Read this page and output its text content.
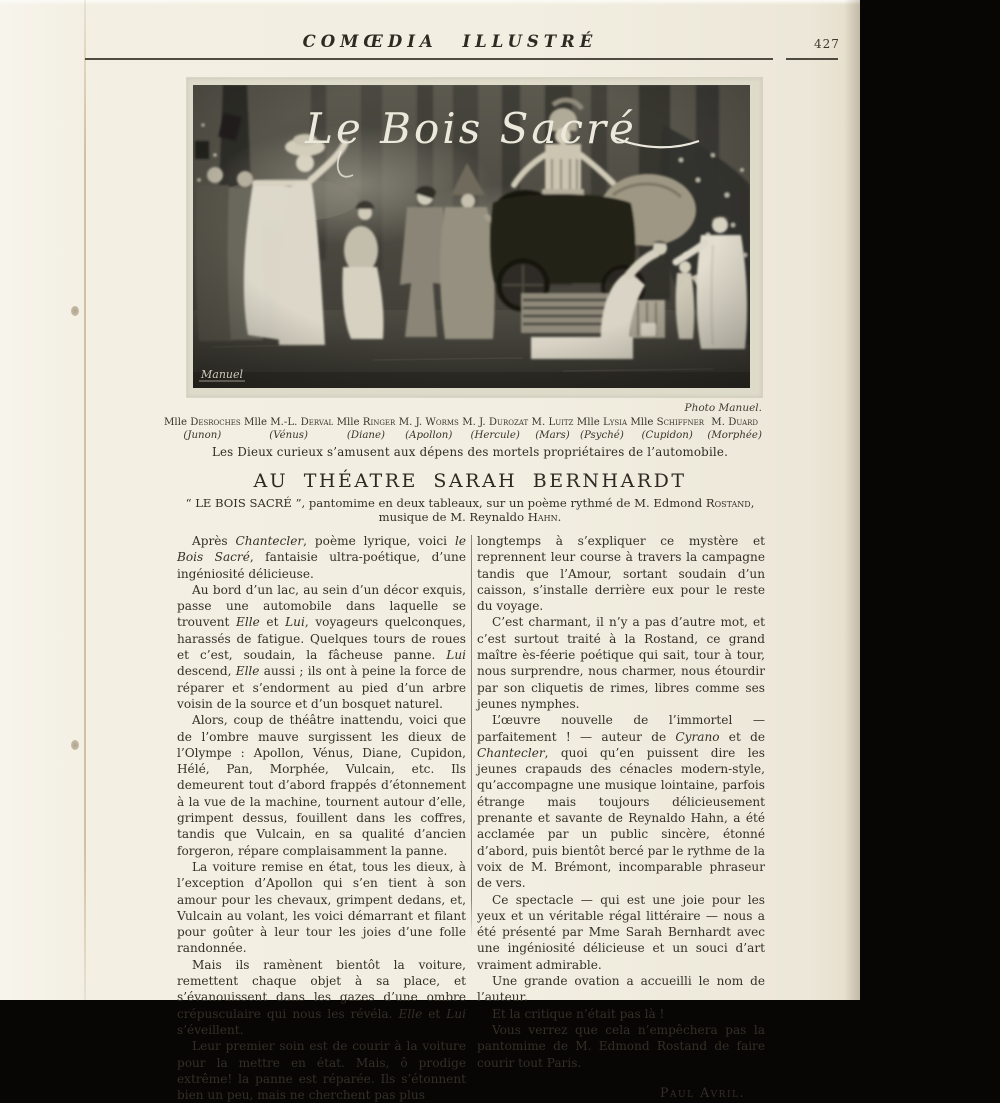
COMŒDIA ILLUSTRÉ	427
Le Bois Sacré
Manuel
Photo Manuel.
Mlle Desroches
(Junon)
Mlle M.-L. Derval
(Vénus)
Mlle Ringer
(Diane)
M. J. Worms
(Apollon)
M. J. Durozat
(Hercule)
M. Luitz
(Mars)
Mlle Lysia
(Psyché)
Mlle Schiffner
(Cupidon)
M. Duard
(Morphée)
Les Dieux curieux s’amusent aux dépens des mortels propriétaires de l’automobile.
AU THÉATRE SARAH BERNHARDT
“ LE BOIS SACRÉ ”, pantomime en deux tableaux, sur un poème rythmé de M. Edmond Rostand,
musique de M. Reynaldo Hahn.

Après Chantecler, poème lyrique, voici le Bois Sacré, fantaisie ultra-poétique, d’une ingéniosité délicieuse.

Au bord d’un lac, au sein d’un décor exquis, passe une automobile dans laquelle se trouvent Elle et Lui, voyageurs quelconques, harassés de fatigue. Quelques tours de roues et c’est, soudain, la fâcheuse panne. Lui descend, Elle aussi ; ils ont à peine la force de réparer et s’endorment au pied d’un arbre voisin de la source et d’un bosquet naturel.

Alors, coup de théâtre inattendu, voici que de l’ombre mauve surgissent les dieux de l’Olympe : Apollon, Vénus, Diane, Cupidon, Hélé, Pan, Morphée, Vulcain, etc. Ils demeurent tout d’abord frappés d’étonnement à la vue de la machine, tournent autour d’elle, grimpent dessus, fouillent dans les coffres, tandis que Vulcain, en sa qualité d’ancien forgeron, répare complaisamment la panne.

La voiture remise en état, tous les dieux, à l’exception d’Apollon qui s’en tient à son amour pour les chevaux, grimpent dedans, et, Vulcain au volant, les voici démarrant et filant pour goûter à leur tour les joies d’une folle randonnée.

Mais ils ramènent bientôt la voiture, remettent chaque objet à sa place, et s’évanouissent dans les gazes d’une ombre crépusculaire qui nous les révéla. Elle et Lui s’éveillent.

Leur premier soin est de courir à la voiture pour la mettre en état. Mais, ô prodige extrême! la panne est réparée. Ils s’étonnent bien un peu, mais ne cherchent pas plus

longtemps à s’expliquer ce mystère et reprennent leur course à travers la campagne tandis que l’Amour, sortant soudain d’un caisson, s’installe derrière eux pour le reste du voyage.

C’est charmant, il n’y a pas d’autre mot, et c’est surtout traité à la Rostand, ce grand maître ès-féerie poétique qui sait, tour à tour, nous surprendre, nous charmer, nous étourdir par son cliquetis de rimes, libres comme ses jeunes nymphes.

L’œuvre nouvelle de l’immortel — parfaitement ! — auteur de Cyrano et de Chantecler, quoi qu’en puissent dire les jeunes crapauds des cénacles modern-style, qu’accompagne une musique lointaine, parfois étrange mais toujours délicieusement prenante et savante de Reynaldo Hahn, a été acclamée par un public sincère, étonné d’abord, puis bientôt bercé par le rythme de la voix de M. Brémont, incomparable phraseur de vers.

Ce spectacle — qui est une joie pour les yeux et un véritable régal littéraire — nous a été présenté par Mme Sarah Bernhardt avec une ingéniosité délicieuse et un souci d’art vraiment admirable.

Une grande ovation a accueilli le nom de l’auteur.

Et la critique n’était pas là !

Vous verrez que cela n’empêchera pas la pantomime de M. Edmond Rostand de faire courir tout Paris.

Paul Avril.
